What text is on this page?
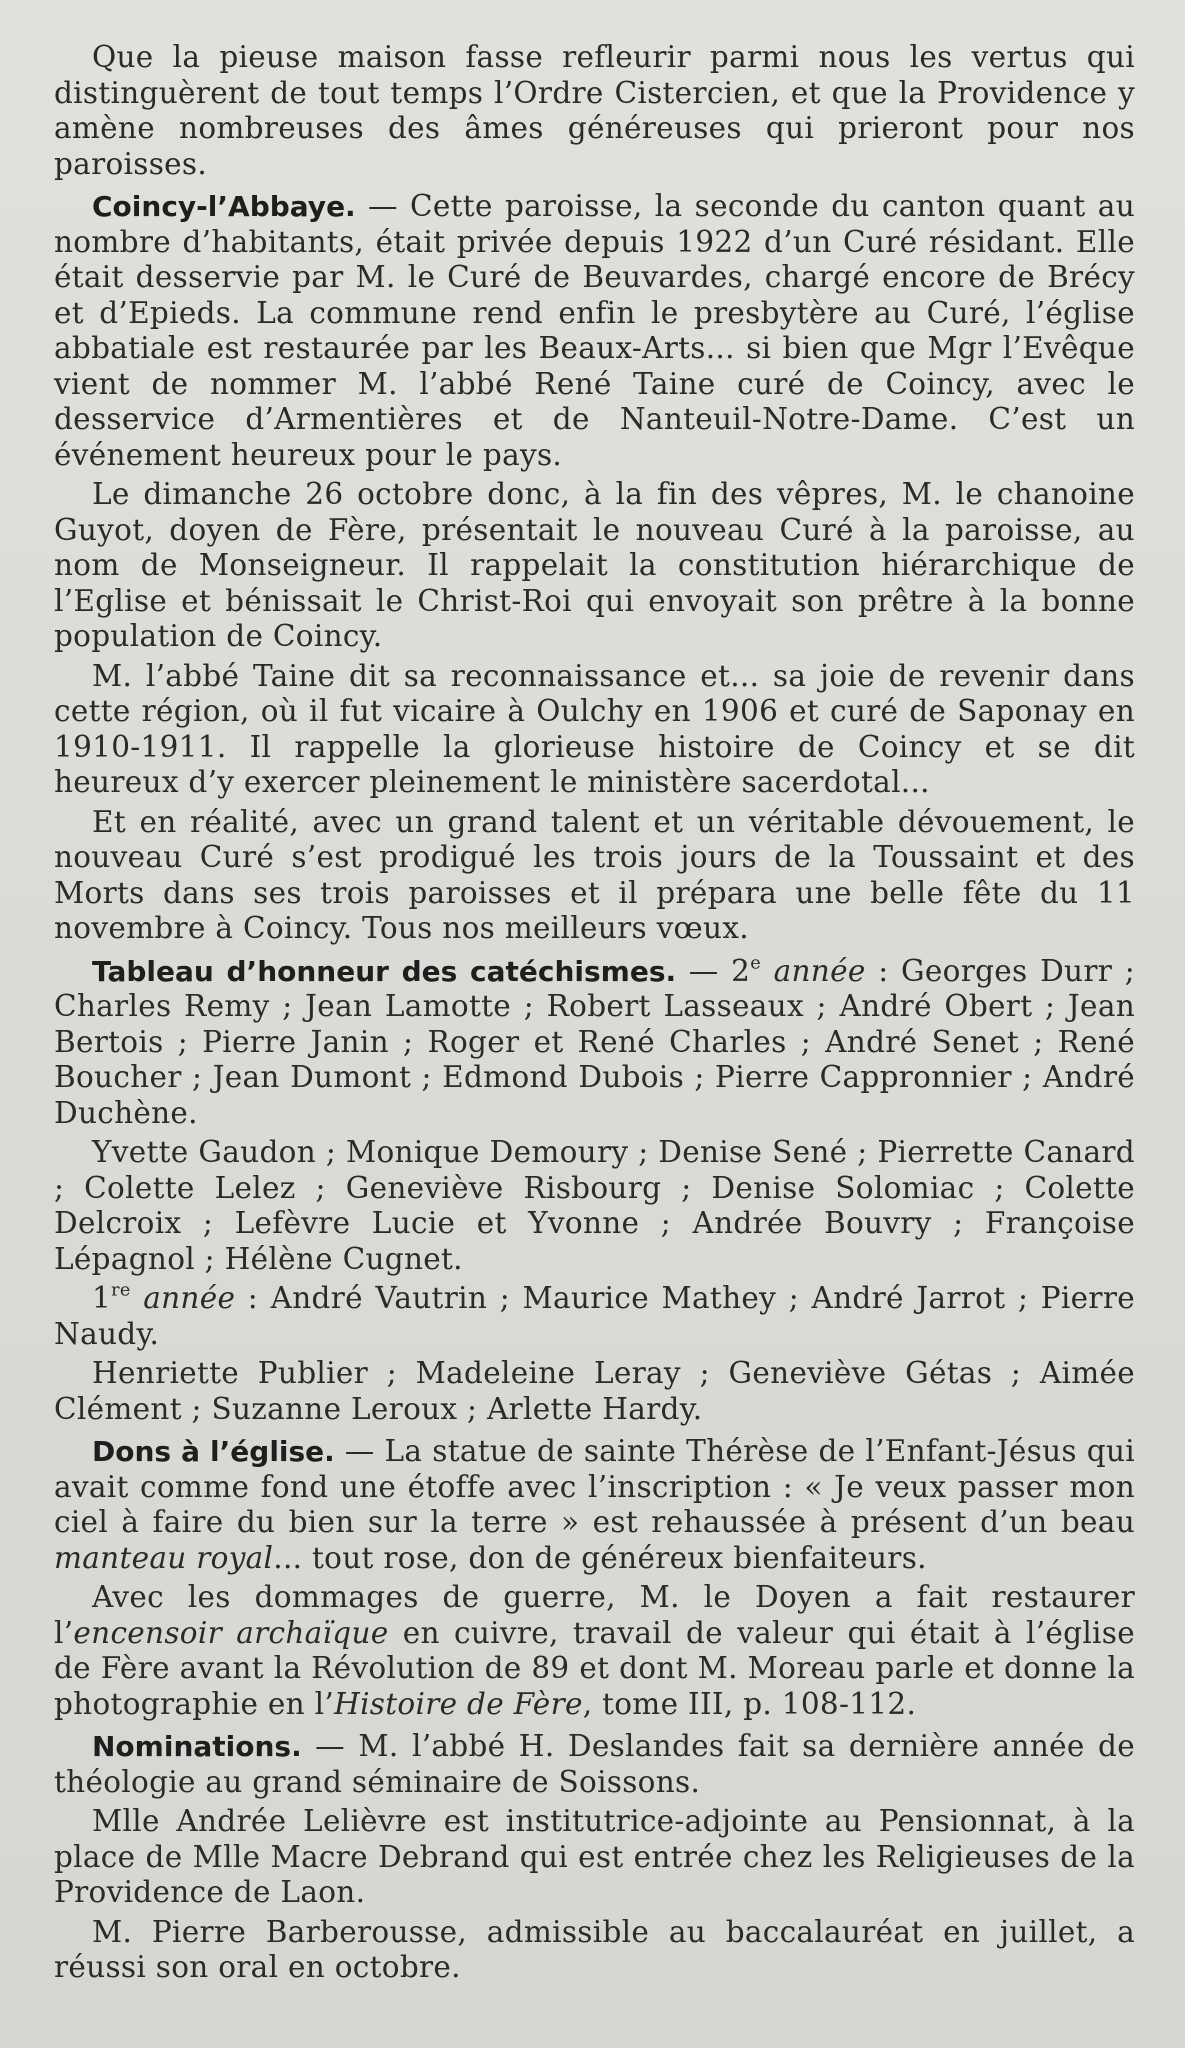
Que la pieuse maison fasse refleurir parmi nous les vertus qui distinguèrent de tout temps l’Ordre Cistercien, et que la Providence y amène nombreuses des âmes généreuses qui prieront pour nos paroisses.

Coincy-l’Abbaye. — Cette paroisse, la seconde du canton quant au nombre d’habitants, était privée depuis 1922 d’un Curé résidant. Elle était desservie par M. le Curé de Beuvardes, chargé encore de Brécy et d’Epieds. La commune rend enfin le presbytère au Curé, l’église abbatiale est restaurée par les Beaux-Arts... si bien que Mgr l’Evêque vient de nommer M. l’abbé René Taine curé de Coincy, avec le desservice d’Armentières et de Nanteuil-Notre-Dame. C’est un événement heureux pour le pays.

Le dimanche 26 octobre donc, à la fin des vêpres, M. le chanoine Guyot, doyen de Fère, présentait le nouveau Curé à la paroisse, au nom de Monseigneur. Il rappelait la constitution hiérarchique de l’Eglise et bénissait le Christ-Roi qui envoyait son prêtre à la bonne population de Coincy.

M. l’abbé Taine dit sa reconnaissance et... sa joie de revenir dans cette région, où il fut vicaire à Oulchy en 1906 et curé de Saponay en 1910-1911. Il rappelle la glorieuse histoire de Coincy et se dit heureux d’y exercer pleinement le ministère sacerdotal...

Et en réalité, avec un grand talent et un véritable dévouement, le nouveau Curé s’est prodigué les trois jours de la Toussaint et des Morts dans ses trois paroisses et il prépara une belle fête du 11 novembre à Coincy. Tous nos meilleurs vœux.

Tableau d’honneur des catéchismes. — 2e année : Georges Durr ; Charles Remy ; Jean Lamotte ; Robert Lasseaux ; André Obert ; Jean Bertois ; Pierre Janin ; Roger et René Charles ; André Senet ; René Boucher ; Jean Dumont ; Edmond Dubois ; Pierre Cappronnier ; André Duchène.

Yvette Gaudon ; Monique Demoury ; Denise Sené ; Pierrette Canard ; Colette Lelez ; Geneviève Risbourg ; Denise Solomiac ; Colette Delcroix ; Lefèvre Lucie et Yvonne ; Andrée Bouvry ; Françoise Lépagnol ; Hélène Cugnet.

1re année : André Vautrin ; Maurice Mathey ; André Jarrot ; Pierre Naudy.

Henriette Publier ; Madeleine Leray ; Geneviève Gétas ; Aimée Clément ; Suzanne Leroux ; Arlette Hardy.

Dons à l’église. — La statue de sainte Thérèse de l’Enfant-Jésus qui avait comme fond une étoffe avec l’inscription : « Je veux passer mon ciel à faire du bien sur la terre » est rehaussée à présent d’un beau manteau royal... tout rose, don de généreux bienfaiteurs.

Avec les dommages de guerre, M. le Doyen a fait restaurer l’encensoir archaïque en cuivre, travail de valeur qui était à l’église de Fère avant la Révolution de 89 et dont M. Moreau parle et donne la photographie en l’Histoire de Fère, tome III, p. 108-112.

Nominations. — M. l’abbé H. Deslandes fait sa dernière année de théologie au grand séminaire de Soissons.

Mlle Andrée Lelièvre est institutrice-adjointe au Pensionnat, à la place de Mlle Macre Debrand qui est entrée chez les Religieuses de la Providence de Laon.

M. Pierre Barberousse, admissible au baccalauréat en juillet, a réussi son oral en octobre.
